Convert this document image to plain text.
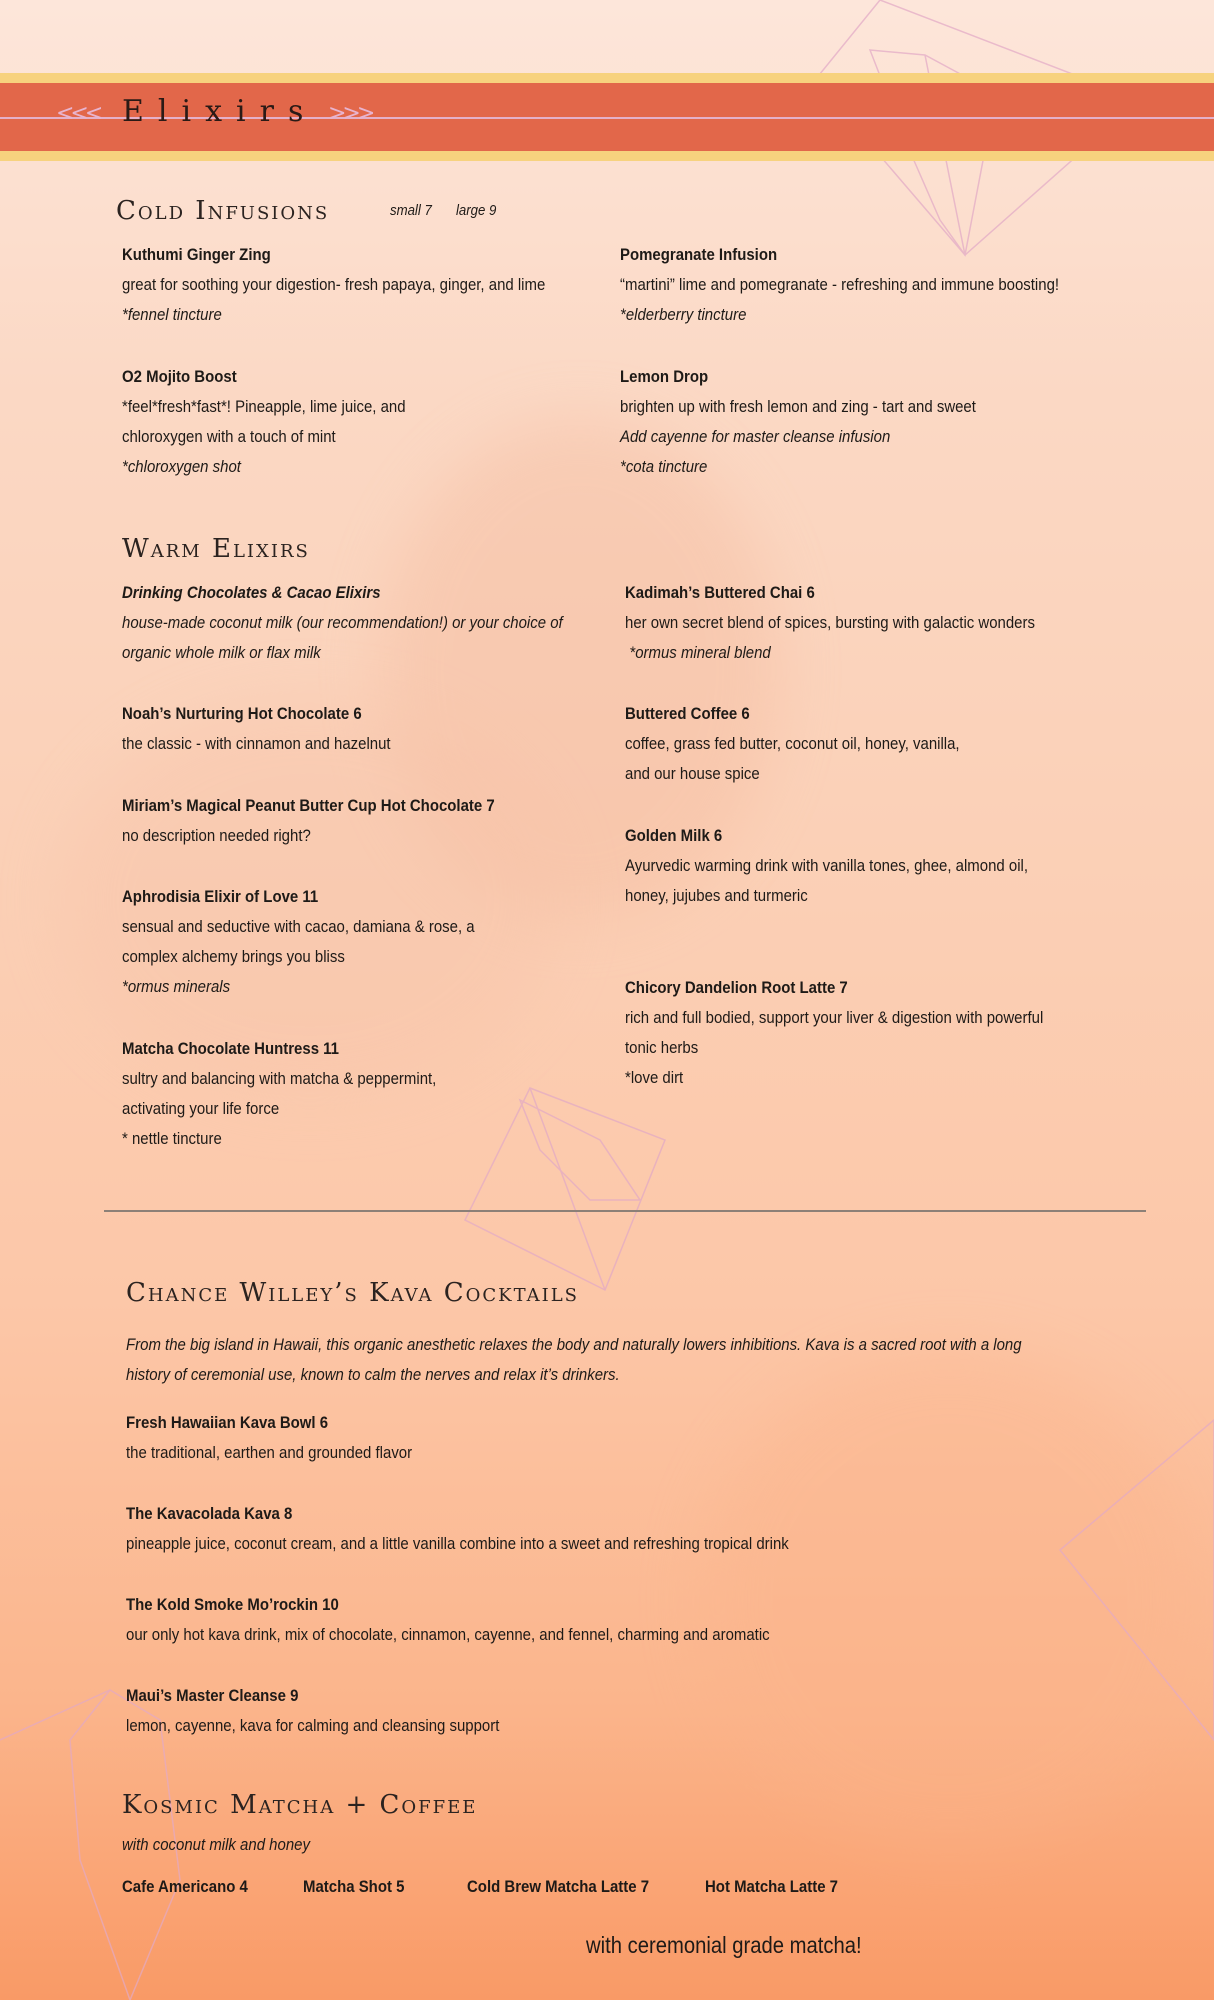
<<<	>>>
Elixirs
Cold Infusions	small 7 large 9
Kuthumi Ginger Zing
great for soothing your digestion- fresh papaya, ginger, and lime
*fennel tincture
Pomegranate Infusion
“martini” lime and pomegranate - refreshing and immune boosting!
*elderberry tincture
O2 Mojito Boost
*feel*fresh*fast*! Pineapple, lime juice, and
chloroxygen with a touch of mint
*chloroxygen shot
Lemon Drop
brighten up with fresh lemon and zing - tart and sweet
Add cayenne for master cleanse infusion
*cota tincture
Warm Elixirs
Drinking Chocolates & Cacao Elixirs
house-made coconut milk (our recommendation!) or your choice of
organic whole milk or flax milk
Noah’s Nurturing Hot Chocolate 6
the classic - with cinnamon and hazelnut
Miriam’s Magical Peanut Butter Cup Hot Chocolate 7
no description needed right?
Aphrodisia Elixir of Love 11
sensual and seductive with cacao, damiana & rose, a
complex alchemy brings you bliss
*ormus minerals
Matcha Chocolate Huntress 11
sultry and balancing with matcha & peppermint,
activating your life force
* nettle tincture
Kadimah’s Buttered Chai 6
her own secret blend of spices, bursting with galactic wonders
*ormus mineral blend
Buttered Coffee 6
coffee, grass fed butter, coconut oil, honey, vanilla,
and our house spice
Golden Milk 6
Ayurvedic warming drink with vanilla tones, ghee, almond oil,
honey, jujubes and turmeric
Chicory Dandelion Root Latte 7
rich and full bodied, support your liver & digestion with powerful
tonic herbs
*love dirt
Chance Willey’s Kava Cocktails
From the big island in Hawaii, this organic anesthetic relaxes the body and naturally lowers inhibitions. Kava is a sacred root with a long
history of ceremonial use, known to calm the nerves and relax it’s drinkers.
Fresh Hawaiian Kava Bowl 6
the traditional, earthen and grounded flavor
The Kavacolada Kava 8
pineapple juice, coconut cream, and a little vanilla combine into a sweet and refreshing tropical drink
The Kold Smoke Mo’rockin 10
our only hot kava drink, mix of chocolate, cinnamon, cayenne, and fennel, charming and aromatic
Maui’s Master Cleanse 9
lemon, cayenne, kava for calming and cleansing support
Kosmic Matcha + Coffee
with coconut milk and honey
Cafe Americano 4	Matcha Shot 5	Cold Brew Matcha Latte 7	Hot Matcha Latte 7
with ceremonial grade matcha!
